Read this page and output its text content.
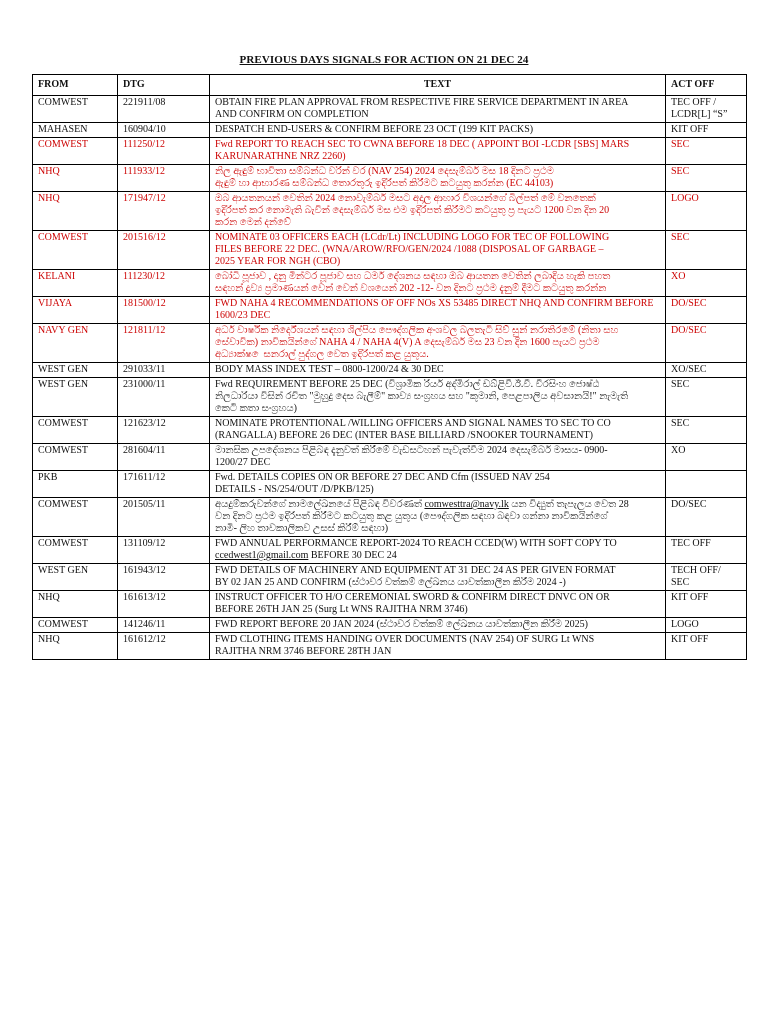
PREVIOUS DAYS SIGNALS FOR ACTION ON 21 DEC 24
FROM	DTG	TEXT	ACT OFF
COMWEST	221911/08	OBTAIN FIRE PLAN APPROVAL FROM RESPECTIVE FIRE SERVICE DEPARTMENT IN AREA
AND CONFIRM ON COMPLETION	TEC OFF /
LCDR[L] “S”

MAHASEN	160904/10	DESPATCH END-USERS & CONFIRM BEFORE 23 OCT (199 KIT PACKS)	KIT OFF

COMWEST	111250/12	Fwd REPORT TO REACH SEC TO CWNA BEFORE 18 DEC ( APPOINT BOI -LCDR [SBS] MARS
KARUNARATHNE NRZ 2260)	SEC

NHQ	111933/12	නිල ඇඳුම් භාවිතා සම්බන්ධ වරින් වර (NAV 254) 2024 දෙසැම්බර් මස 18 දිනට ප්‍රථම
ඇඳුම් හා ආභාරණ සම්බන්ධ තොරතුරු ඉදිරිපත් කිරීමට කටයුතු කරන්න (EC 44103)	SEC

NHQ	171947/12	ඔබ ආයතනයන් වෙතින් 2024 නොවැම්බර් මසට අදාල ආහාර විශයන්ගේ බිල්පත් මේ වනතෙක්
ඉදිරිපත් කර නොමැති බැවින් දෙසැම්බර් මස එම ඉදිරිපත් කිරීමට කටයුතු ප්‍ර පැයට 1200 වන දින 20
කරන මෙන් දන්වේ	LOGO

COMWEST	201516/12	NOMINATE 03 OFFICERS EACH (LCdr/Lt) INCLUDING LOGO FOR TEC OF FOLLOWING
FILES BEFORE 22 DEC. (WNA/AROW/RFO/GEN/2024 /1088 (DISPOSAL OF GARBAGE –
2025 YEAR FOR NGH (CBO)	SEC

KELANI	111230/12	බෝධි පූජාව , දානු මින්ටර පූජාව සහ ධර්ම දේශනය සඳහා ඔබ ආයතන වෙතින් ලබාදිය හැකි පහත
සඳහන් ද්‍රව්‍ය ප්‍රමාණයන් වෙන් වෙන් වශයෙන් 202 -12- වන දිනට ප්‍රථම දැනුම් දීමට කටයුතු කරන්න	XO

VIJAYA	181500/12	FWD NAHA 4 RECOMMENDATIONS OF OFF NOs XS 53485 DIRECT NHQ AND CONFIRM BEFORE
1600/23 DEC	DO/SEC

NAVY GEN	121811/12	අර්ධ වාර්ෂික නිර්දේශයන් සඳහා ශිල්පිය පෞද්ගලික අංශවල බලතැටි සිව් සුන් නරාතිරමේ (නිතා සහ
සේවාවික) නාවිකයින්ගේ NAHA 4 / NAHA 4(V) A දෙසැම්බර් මස 23 වන දින 1600 පැයට ප්‍රථම
අධ්‍යාක්ෂ ෙසනරාල් පුද්ගල වෙත ඉදිරිපත් කළ යුතුය.	DO/SEC

WEST GEN	291033/11	BODY MASS INDEX TEST – 0800-1200/24 & 30 DEC	XO/SEC

WEST GEN	231000/11	Fwd REQUIREMENT BEFORE 25 DEC (විශ්‍රාමික රියර් අද්මිරාල් ඩබ්ළිවී.ඊ.වී. වීරසිංහ ජොෂ්ඨ
නිලධාරියා විසින් රචිත "මුහුදු දෙස බැලීම්" කාව්‍ය සංග්‍රහය සහ "කුමානි, පෙළපාලිය අවසානයි!" නැමැති
කෙටි කතා සංග්‍රහය)	SEC

COMWEST	121623/12	NOMINATE PROTENTIONAL /WILLING OFFICERS AND SIGNAL NAMES TO SEC TO CO
(RANGALLA) BEFORE 26 DEC (INTER BASE BILLIARD /SNOOKER TOURNAMENT)	SEC

COMWEST	281604/11	මානසික උපදේශනය පිළිබඳ දැනුවත් කිරීමේ වැඩසටහන් පැවැත්වීම 2024 දෙසැම්බර් මාසය- 0900-
1200/27 DEC	XO

PKB	171611/12	Fwd. DETAILS COPIES ON OR BEFORE 27 DEC AND Cfm (ISSUED NAV 254
DETAILS - NS/254/OUT /D/PKB/125)	

COMWEST	201505/11	අයදුම්කරුවන්ගේ නාමලේඛනයේ පිළිබඳ විවරණත් comwesttra@navy.lk යන විද්‍යුත් තැපැලය වෙත 28
වන දිනට ප්‍රථම ඉදිරිපත් කිරීමට කටයුතු කළ යුතුය (පෞද්ගලික සඳහා බඳවා ගන්නා නාවිකයින්ගේ
නාමි- ලිහ තාවකාලිකව උසස් කිරීම් සඳහා)	DO/SEC

COMWEST	131109/12	FWD ANNUAL PERFORMANCE REPORT-2024 TO REACH CCED(W) WITH SOFT COPY TO
ccedwest1@gmail.com BEFORE 30 DEC 24	TEC OFF

WEST GEN	161943/12	FWD DETAILS OF MACHINERY AND EQUIPMENT AT 31 DEC 24 AS PER GIVEN FORMAT
BY 02 JAN 25 AND CONFIRM (ස්ථාවර වත්කම් ලේඛනය යාවත්කාලීන කිරීම 2024 -)	TECH OFF/
SEC

NHQ	161613/12	INSTRUCT OFFICER TO H/O CEREMONIAL SWORD & CONFIRM DIRECT DNVC ON OR
BEFORE 26TH JAN 25 (Surg Lt WNS RAJITHA NRM 3746)	KIT OFF

COMWEST	141246/11	FWD REPORT BEFORE 20 JAN 2024 (ස්ථාවර වත්කම් ලේඛනය යාවත්කාලීන කිරීම 2025)	LOGO

NHQ	161612/12	FWD CLOTHING ITEMS HANDING OVER DOCUMENTS (NAV 254) OF SURG Lt WNS
RAJITHA NRM 3746 BEFORE 28TH JAN	KIT OFF
